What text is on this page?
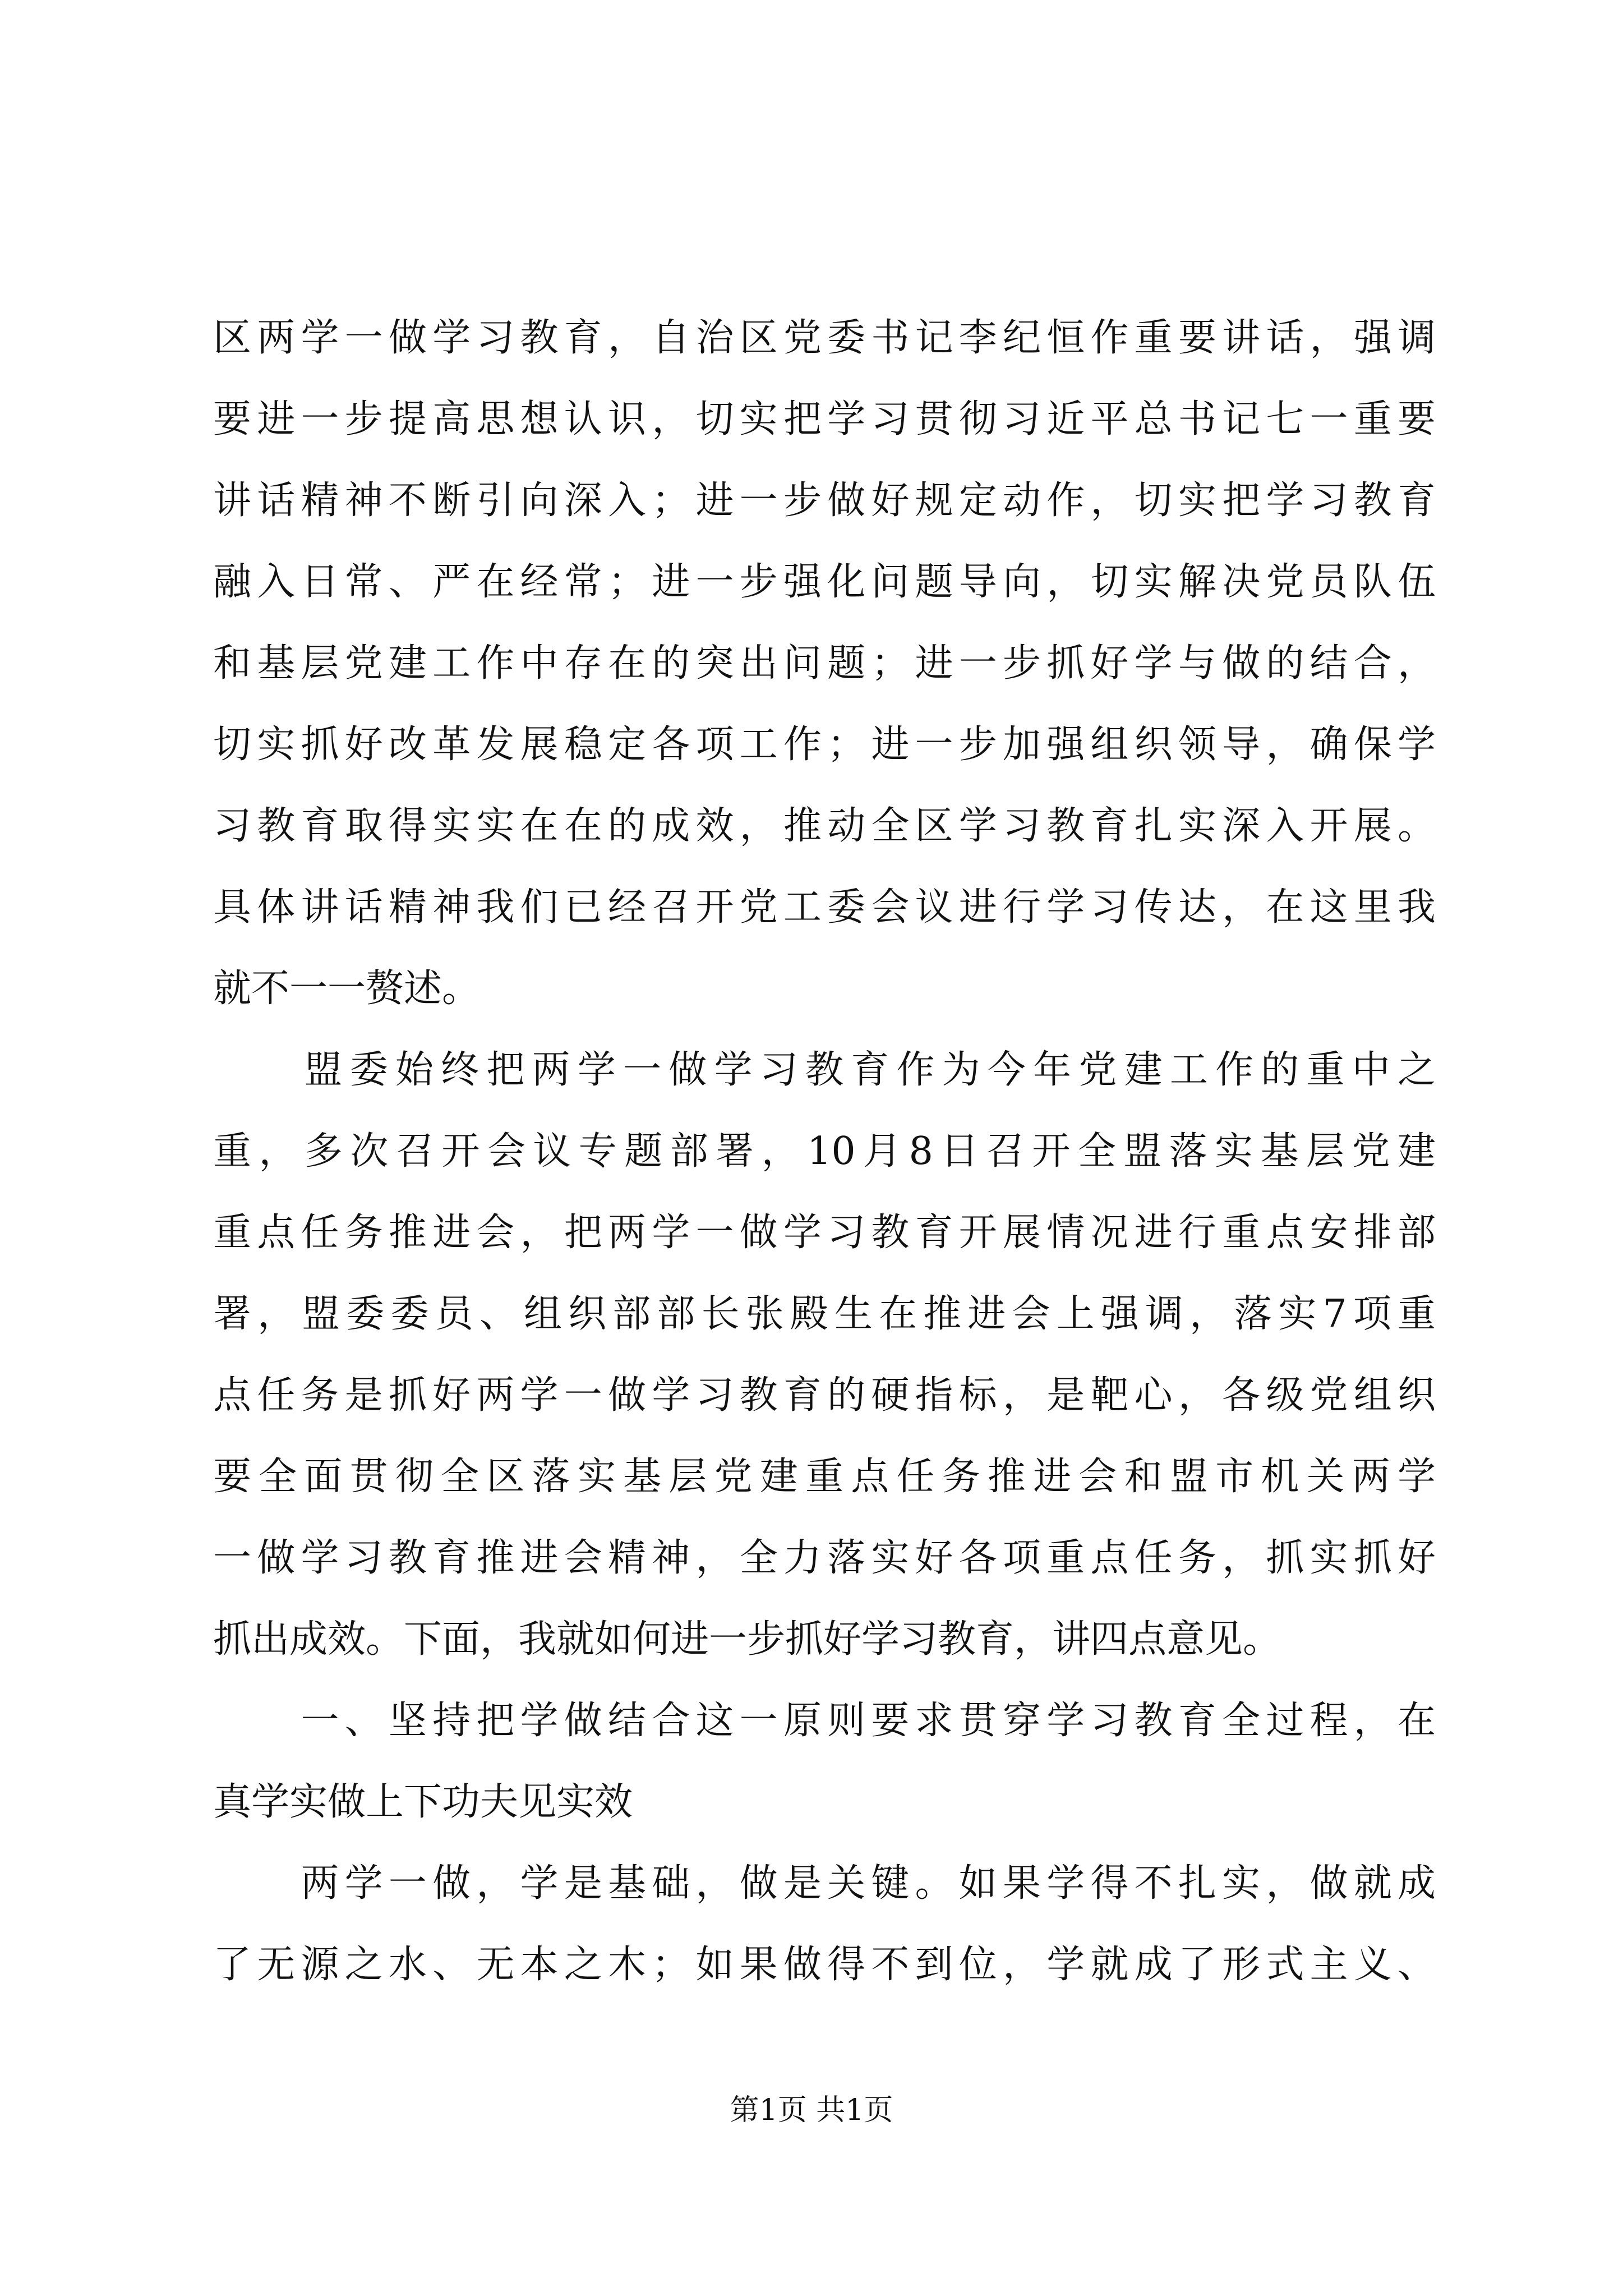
区两学一做学习教育，自治区党委书记李纪恒作重要讲话，强调
要进一步提高思想认识，切实把学习贯彻习近平总书记七一重要
讲话精神不断引向深入；进一步做好规定动作，切实把学习教育
融入日常、严在经常；进一步强化问题导向，切实解决党员队伍
和基层党建工作中存在的突出问题；进一步抓好学与做的结合，
切实抓好改革发展稳定各项工作；进一步加强组织领导，确保学
习教育取得实实在在的成效，推动全区学习教育扎实深入开展。
具体讲话精神我们已经召开党工委会议进行学习传达，在这里我
就不一一赘述。
　　盟委始终把两学一做学习教育作为今年党建工作的重中之
重，多次召开会议专题部署，10月8日召开全盟落实基层党建
重点任务推进会，把两学一做学习教育开展情况进行重点安排部
署，盟委委员、组织部部长张殿生在推进会上强调，落实7项重
点任务是抓好两学一做学习教育的硬指标，是靶心，各级党组织
要全面贯彻全区落实基层党建重点任务推进会和盟市机关两学
一做学习教育推进会精神，全力落实好各项重点任务，抓实抓好
抓出成效。下面，我就如何进一步抓好学习教育，讲四点意见。
　　一、坚持把学做结合这一原则要求贯穿学习教育全过程，在
真学实做上下功夫见实效
　　两学一做，学是基础，做是关键。如果学得不扎实，做就成
了无源之水、无本之木；如果做得不到位，学就成了形式主义、
第1页 共1页
